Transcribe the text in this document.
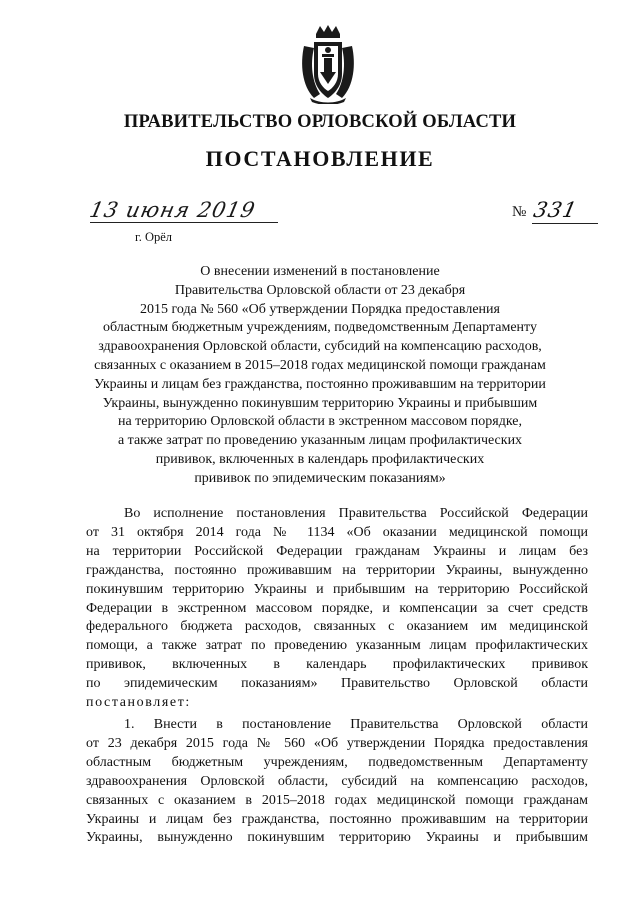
ПРАВИТЕЛЬСТВО ОРЛОВСКОЙ ОБЛАСТИ
ПОСТАНОВЛЕНИЕ
13 июня 2019
г. Орёл
№ 331
О внесении изменений в постановление
Правительства Орловской области от 23 декабря
2015 года № 560 «Об утверждении Порядка предоставления
областным бюджетным учреждениям, подведомственным Департаменту
здравоохранения Орловской области, субсидий на компенсацию расходов,
связанных с оказанием в 2015–2018 годах медицинской помощи гражданам
Украины и лицам без гражданства, постоянно проживавшим на территории
Украины, вынужденно покинувшим территорию Украины и прибывшим
на территорию Орловской области в экстренном массовом порядке,
а также затрат по проведению указанным лицам профилактических
прививок, включенных в календарь профилактических
прививок по эпидемическим показаниям»
Во исполнение постановления Правительства Российской Федерации
от 31 октября 2014 года № 1134 «Об оказании медицинской помощи
на территории Российской Федерации гражданам Украины и лицам без
гражданства, постоянно проживавшим на территории Украины, вынужденно
покинувшим территорию Украины и прибывшим на территорию Российской
Федерации в экстренном массовом порядке, и компенсации за счет средств
федерального бюджета расходов, связанных с оказанием им медицинской
помощи, а также затрат по проведению указанным лицам профилактических
прививок, включенных в календарь профилактических прививок
по эпидемическим показаниям» Правительство Орловской области
постановляет:
1. Внести в постановление Правительства Орловской области
от 23 декабря 2015 года № 560 «Об утверждении Порядка предоставления
областным бюджетным учреждениям, подведомственным Департаменту
здравоохранения Орловской области, субсидий на компенсацию расходов,
связанных с оказанием в 2015–2018 годах медицинской помощи гражданам
Украины и лицам без гражданства, постоянно проживавшим на территории
Украины, вынужденно покинувшим территорию Украины и прибывшим
